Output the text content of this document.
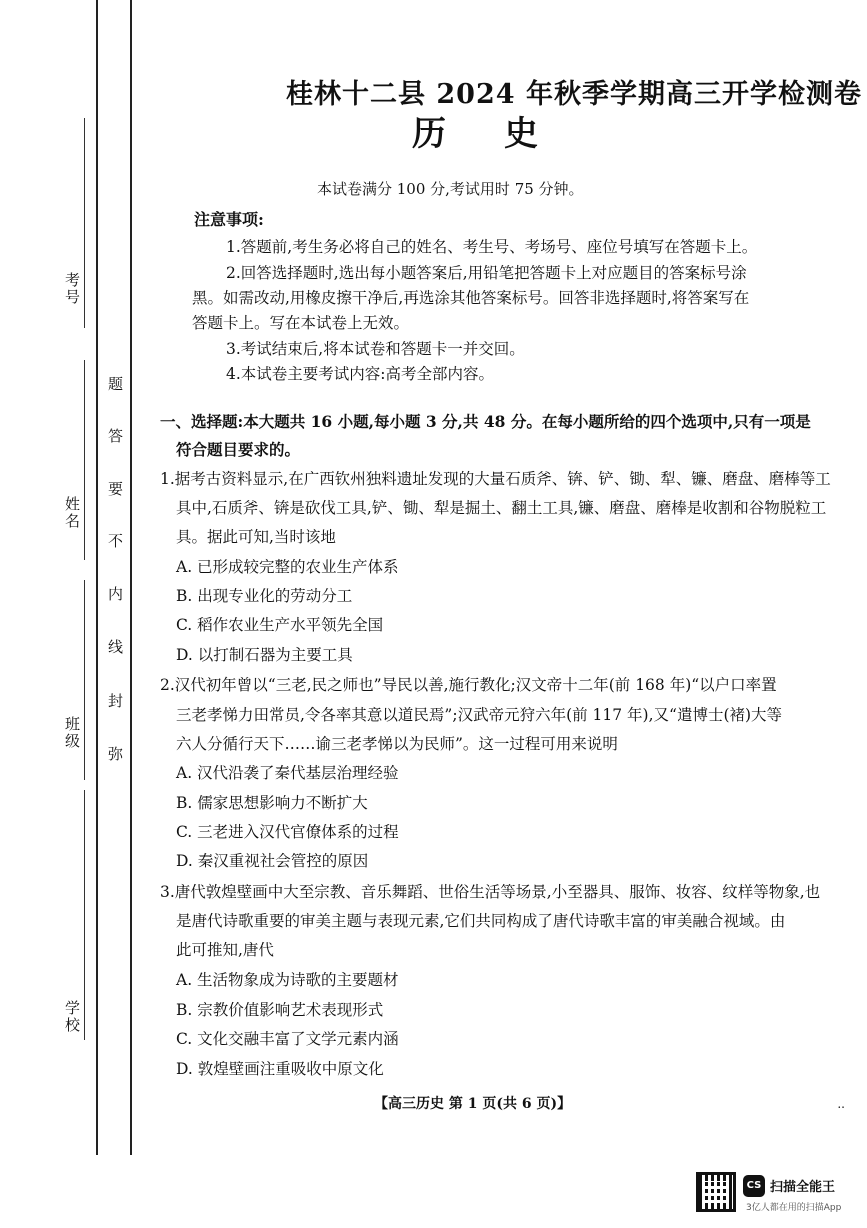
考号
姓名
班级
学校
题
答
要
不
内
线
封
弥
桂林十二县 2024 年秋季学期高三开学检测卷
历史
本试卷满分 100 分,考试用时 75 分钟。
注意事项:
1.答题前,考生务必将自己的姓名、考生号、考场号、座位号填写在答题卡上。
2.回答选择题时,选出每小题答案后,用铅笔把答题卡上对应题目的答案标号涂
黑。如需改动,用橡皮擦干净后,再选涂其他答案标号。回答非选择题时,将答案写在
答题卡上。写在本试卷上无效。
3.考试结束后,将本试卷和答题卡一并交回。
4.本试卷主要考试内容:高考全部内容。
一、选择题:本大题共 16 小题,每小题 3 分,共 48 分。在每小题所给的四个选项中,只有一项是
符合题目要求的。
1.据考古资料显示,在广西钦州独料遗址发现的大量石质斧、锛、铲、锄、犁、镰、磨盘、磨棒等工
具中,石质斧、锛是砍伐工具,铲、锄、犁是掘土、翻土工具,镰、磨盘、磨棒是收割和谷物脱粒工
具。据此可知,当时该地
A. 已形成较完整的农业生产体系
B. 出现专业化的劳动分工
C. 稻作农业生产水平领先全国
D. 以打制石器为主要工具
2.汉代初年曾以“三老,民之师也”导民以善,施行教化;汉文帝十二年(前 168 年)“以户口率置
三老孝悌力田常员,令各率其意以道民焉”;汉武帝元狩六年(前 117 年),又“遣博士(褚)大等
六人分循行天下……谕三老孝悌以为民师”。这一过程可用来说明
A. 汉代沿袭了秦代基层治理经验
B. 儒家思想影响力不断扩大
C. 三老进入汉代官僚体系的过程
D. 秦汉重视社会管控的原因
3.唐代敦煌壁画中大至宗教、音乐舞蹈、世俗生活等场景,小至器具、服饰、妆容、纹样等物象,也
是唐代诗歌重要的审美主题与表现元素,它们共同构成了唐代诗歌丰富的审美融合视域。由
此可推知,唐代
A. 生活物象成为诗歌的主要题材
B. 宗教价值影响艺术表现形式
C. 文化交融丰富了文学元素内涵
D. 敦煌壁画注重吸收中原文化
【高三历史 第 1 页(共 6 页)】	..
CS 扫描全能王
3亿人都在用的扫描App
